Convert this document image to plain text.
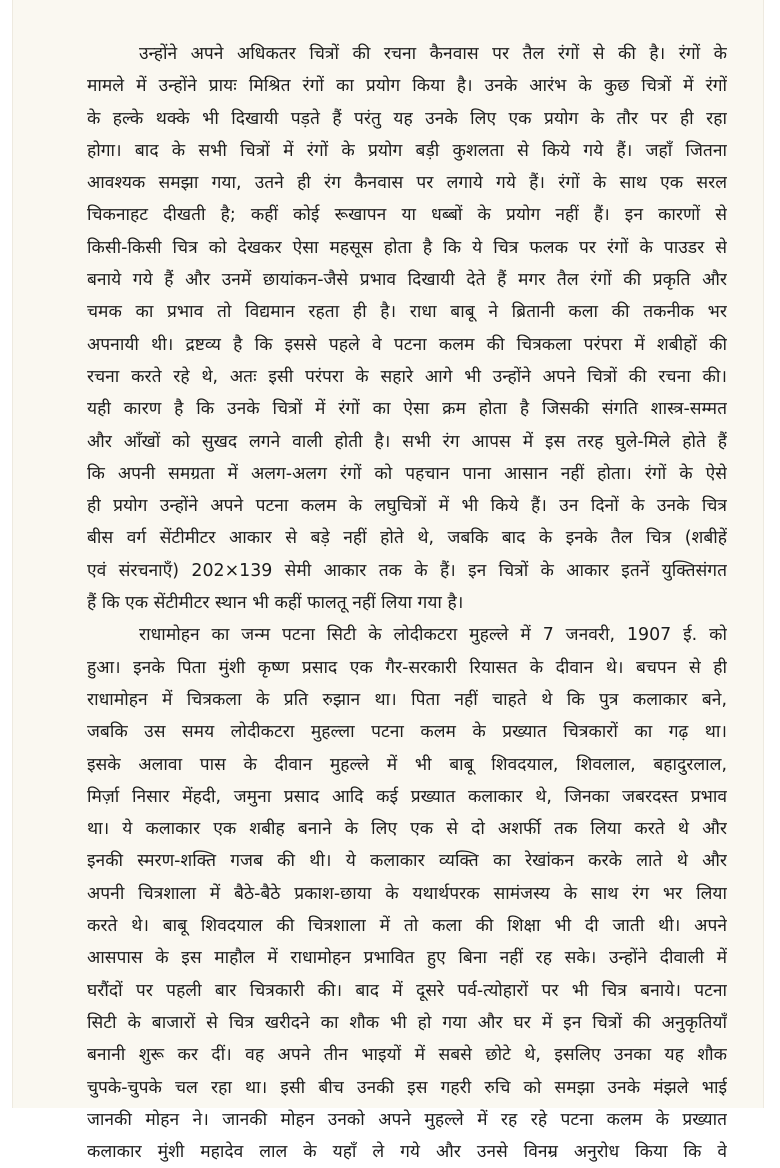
उन्होंने अपने अधिकतर चित्रों की रचना कैनवास पर तैल रंगों से की है। रंगों के
मामले में उन्होंने प्रायः मिश्रित रंगों का प्रयोग किया है। उनके आरंभ के कुछ चित्रों में रंगों
के हल्के थक्के भी दिखायी पड़ते हैं परंतु यह उनके लिए एक प्रयोग के तौर पर ही रहा
होगा। बाद के सभी चित्रों में रंगों के प्रयोग बड़ी कुशलता से किये गये हैं। जहाँ जितना
आवश्यक समझा गया, उतने ही रंग कैनवास पर लगाये गये हैं। रंगों के साथ एक सरल
चिकनाहट दीखती है; कहीं कोई रूखापन या धब्बों के प्रयोग नहीं हैं। इन कारणों से
किसी-किसी चित्र को देखकर ऐसा महसूस होता है कि ये चित्र फलक पर रंगों के पाउडर से
बनाये गये हैं और उनमें छायांकन-जैसे प्रभाव दिखायी देते हैं मगर तैल रंगों की प्रकृति और
चमक का प्रभाव तो विद्यमान रहता ही है। राधा बाबू ने ब्रितानी कला की तकनीक भर
अपनायी थी। द्रष्टव्य है कि इससे पहले वे पटना कलम की चित्रकला परंपरा में शबीहों की
रचना करते रहे थे, अतः इसी परंपरा के सहारे आगे भी उन्होंने अपने चित्रों की रचना की।
यही कारण है कि उनके चित्रों में रंगों का ऐसा क्रम होता है जिसकी संगति शास्त्र-सम्मत
और आँखों को सुखद लगने वाली होती है। सभी रंग आपस में इस तरह घुले-मिले होते हैं
कि अपनी समग्रता में अलग-अलग रंगों को पहचान पाना आसान नहीं होता। रंगों के ऐसे
ही प्रयोग उन्होंने अपने पटना कलम के लघुचित्रों में भी किये हैं। उन दिनों के उनके चित्र
बीस वर्ग सेंटीमीटर आकार से बड़े नहीं होते थे, जबकि बाद के इनके तैल चित्र (शबीहें
एवं संरचनाएँ) 202×139 सेमी आकार तक के हैं। इन चित्रों के आकार इतनें युक्तिसंगत
हैं कि एक सेंटीमीटर स्थान भी कहीं फालतू नहीं लिया गया है।
राधामोहन का जन्म पटना सिटी के लोदीकटरा मुहल्ले में 7 जनवरी, 1907 ई. को
हुआ। इनके पिता मुंशी कृष्ण प्रसाद एक गैर-सरकारी रियासत के दीवान थे। बचपन से ही
राधामोहन में चित्रकला के प्रति रुझान था। पिता नहीं चाहते थे कि पुत्र कलाकार बने,
जबकि उस समय लोदीकटरा मुहल्ला पटना कलम के प्रख्यात चित्रकारों का गढ़ था।
इसके अलावा पास के दीवान मुहल्ले में भी बाबू शिवदयाल, शिवलाल, बहादुरलाल,
मिर्ज़ा निसार मेंहदी, जमुना प्रसाद आदि कई प्रख्यात कलाकार थे, जिनका जबरदस्त प्रभाव
था। ये कलाकार एक शबीह बनाने के लिए एक से दो अशर्फी तक लिया करते थे और
इनकी स्मरण-शक्ति गजब की थी। ये कलाकार व्यक्ति का रेखांकन करके लाते थे और
अपनी चित्रशाला में बैठे-बैठे प्रकाश-छाया के यथार्थपरक सामंजस्य के साथ रंग भर लिया
करते थे। बाबू शिवदयाल की चित्रशाला में तो कला की शिक्षा भी दी जाती थी। अपने
आसपास के इस माहौल में राधामोहन प्रभावित हुए बिना नहीं रह सके। उन्होंने दीवाली में
घरौंदों पर पहली बार चित्रकारी की। बाद में दूसरे पर्व-त्योहारों पर भी चित्र बनाये। पटना
सिटी के बाजारों से चित्र खरीदने का शौक भी हो गया और घर में इन चित्रों की अनुकृतियाँ
बनानी शुरू कर दीं। वह अपने तीन भाइयों में सबसे छोटे थे, इसलिए उनका यह शौक
चुपके-चुपके चल रहा था। इसी बीच उनकी इस गहरी रुचि को समझा उनके मंझले भाई
जानकी मोहन ने। जानकी मोहन उनको अपने मुहल्ले में रह रहे पटना कलम के प्रख्यात
कलाकार मुंशी महादेव लाल के यहाँ ले गये और उनसे विनम्र अनुरोध किया कि वे
